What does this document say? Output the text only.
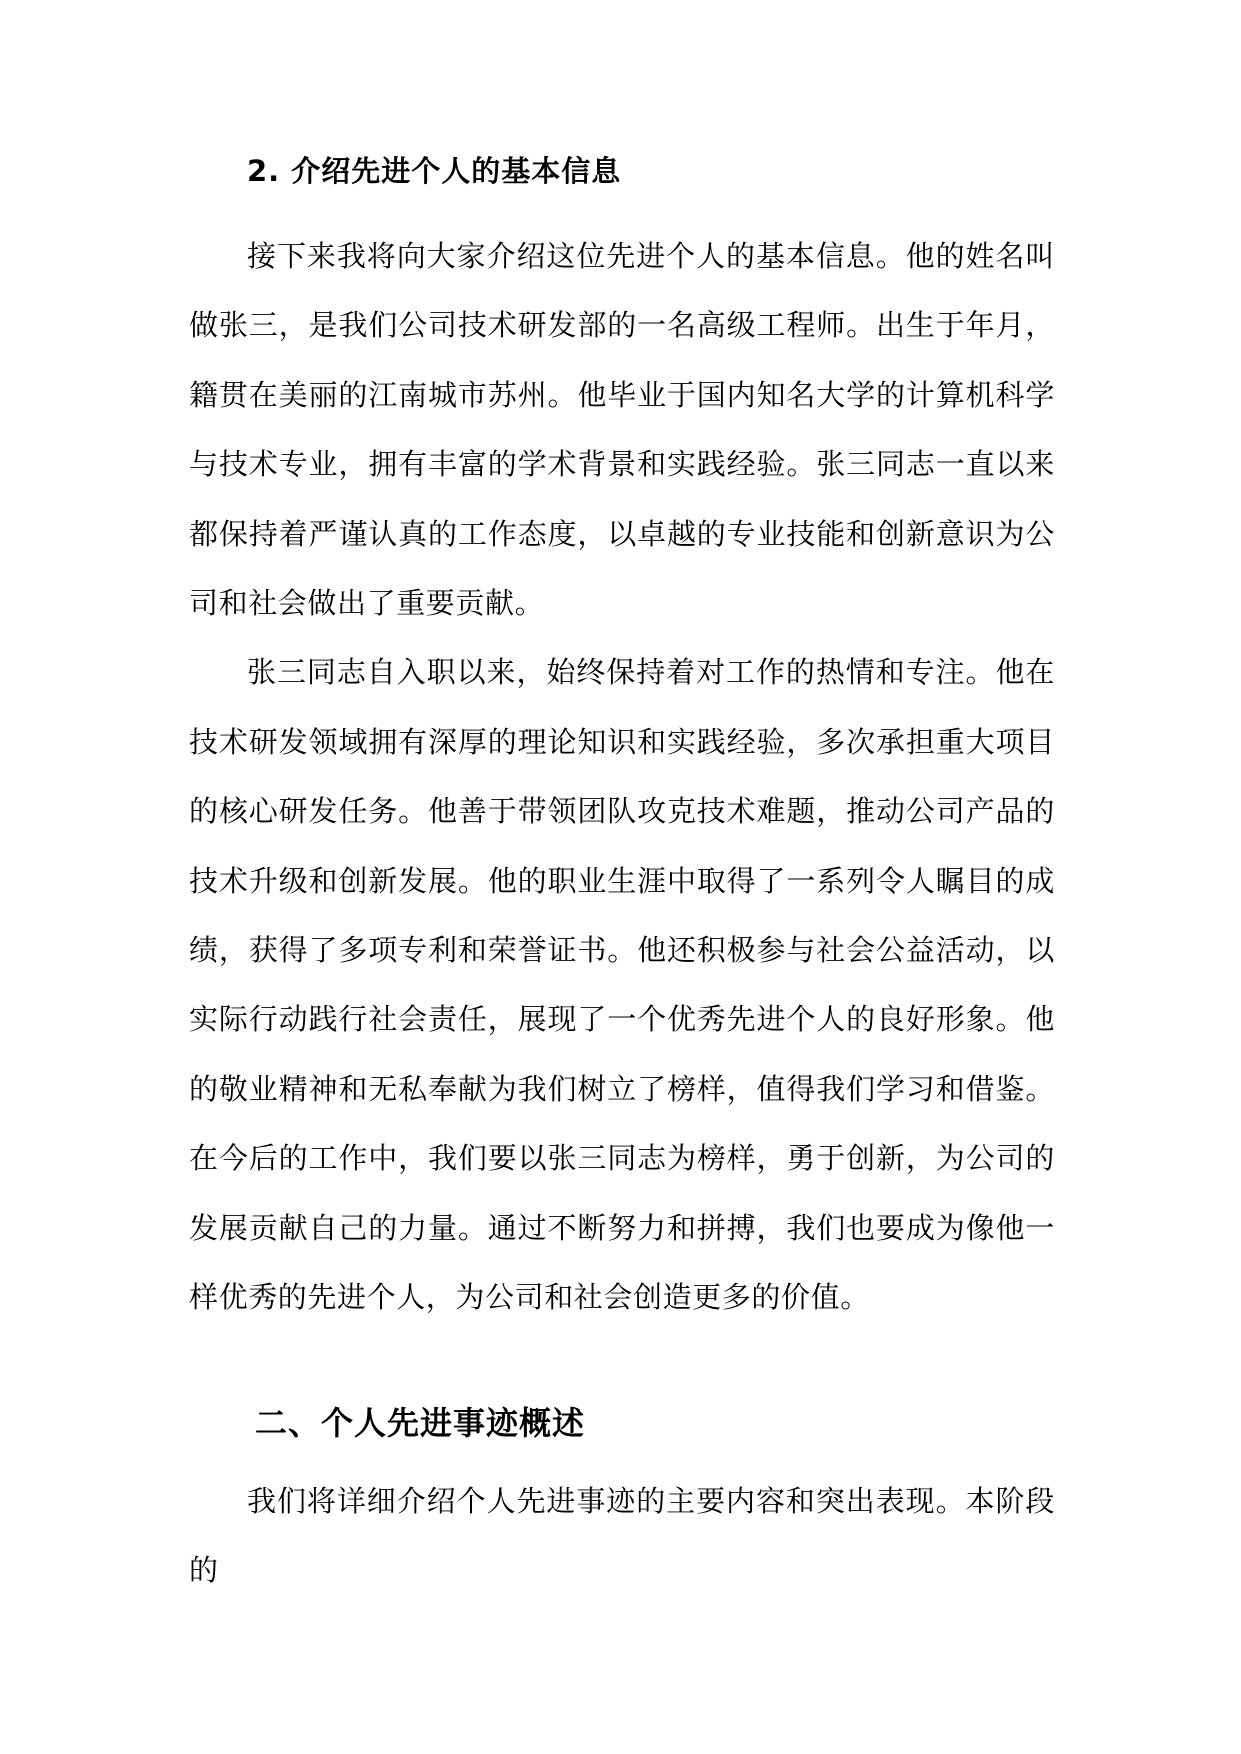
2. 介绍先进个人的基本信息

接下来我将向大家介绍这位先进个人的基本信息。他的姓名叫做张三，是我们公司技术研发部的一名高级工程师。出生于年月，籍贯在美丽的江南城市苏州。他毕业于国内知名大学的计算机科学与技术专业，拥有丰富的学术背景和实践经验。张三同志一直以来都保持着严谨认真的工作态度，以卓越的专业技能和创新意识为公司和社会做出了重要贡献。

张三同志自入职以来，始终保持着对工作的热情和专注。他在技术研发领域拥有深厚的理论知识和实践经验，多次承担重大项目的核心研发任务。他善于带领团队攻克技术难题，推动公司产品的技术升级和创新发展。他的职业生涯中取得了一系列令人瞩目的成绩，获得了多项专利和荣誉证书。他还积极参与社会公益活动，以实际行动践行社会责任，展现了一个优秀先进个人的良好形象。他的敬业精神和无私奉献为我们树立了榜样，值得我们学习和借鉴。在今后的工作中，我们要以张三同志为榜样，勇于创新，为公司的发展贡献自己的力量。通过不断努力和拼搏，我们也要成为像他一样优秀的先进个人，为公司和社会创造更多的价值。

二、个人先进事迹概述

我们将详细介绍个人先进事迹的主要内容和突出表现。本阶段的
